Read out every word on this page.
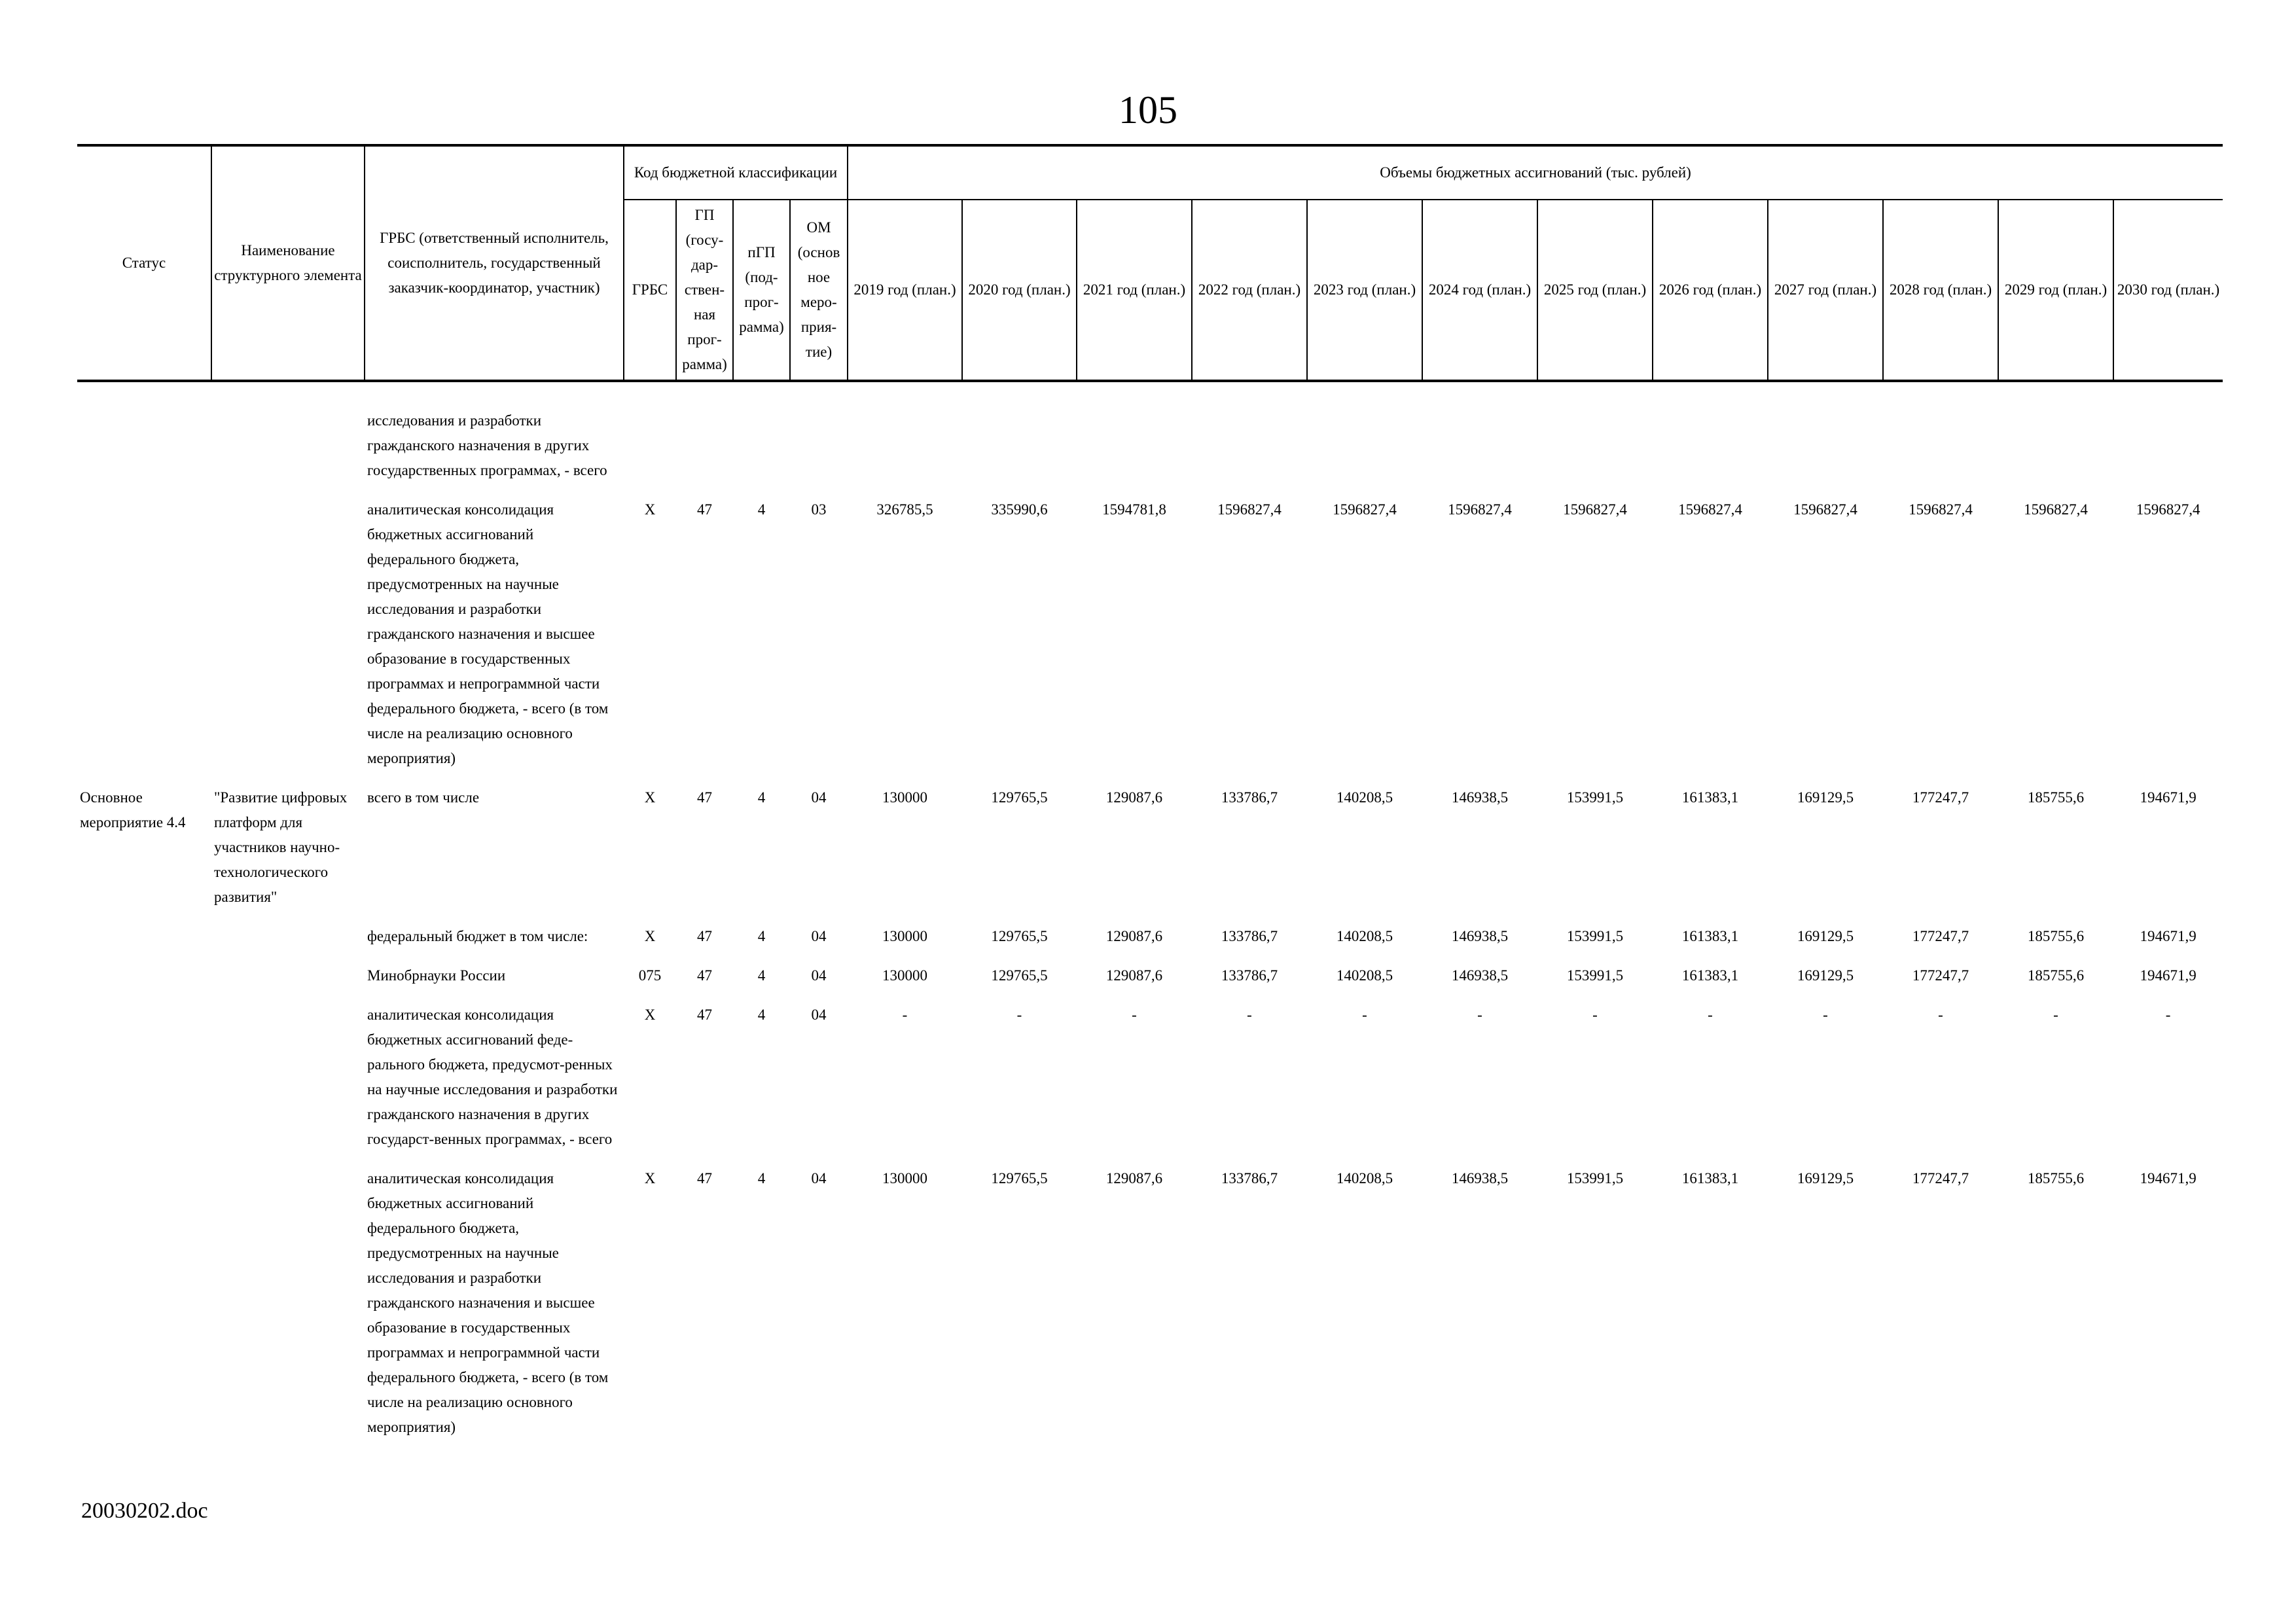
105
Статус	Наименование структурного элемента	ГРБС (ответственный исполнитель, соисполнитель, государственный заказчик-координатор, участник)	Код бюджетной классификации				Объемы бюджетных ассигнований (тыс. рублей)											
			ГРБС	ГП (госу-дар-ствен-ная прог-рамма)	пГП (под-прог-рамма)	ОМ (основ ное меро-прия-тие)	2019 год (план.)	2020 год (план.)	2021 год (план.)	2022 год (план.)	2023 год (план.)	2024 год (план.)	2025 год (план.)	2026 год (план.)	2027 год (план.)	2028 год (план.)	2029 год (план.)	2030 год (план.)

		исследования и разработки гражданского назначения в других государственных программах, - всего																
		аналитическая консолидация бюджетных ассигнований федерального бюджета, предусмотренных на научные исследования и разработки гражданского назначения и высшее образование в государственных программах и непрограммной части федерального бюджета, - всего (в том числе на реализацию основного мероприятия)	X	47	4	03	326785,5	335990,6	1594781,8	1596827,4	1596827,4	1596827,4	1596827,4	1596827,4	1596827,4	1596827,4	1596827,4	1596827,4
Основное мероприятие 4.4	"Развитие цифровых платформ для участников научно-технологического развития"	всего в том числе	X	47	4	04	130000	129765,5	129087,6	133786,7	140208,5	146938,5	153991,5	161383,1	169129,5	177247,7	185755,6	194671,9
		федеральный бюджет в том числе:	X	47	4	04	130000	129765,5	129087,6	133786,7	140208,5	146938,5	153991,5	161383,1	169129,5	177247,7	185755,6	194671,9
		Минобрнауки России	075	47	4	04	130000	129765,5	129087,6	133786,7	140208,5	146938,5	153991,5	161383,1	169129,5	177247,7	185755,6	194671,9
		аналитическая консолидация бюджетных ассигнований феде-рального бюджета, предусмот-ренных на научные исследования и разработки гражданского назначения в других государст-венных программах, - всего	X	47	4	04	-	-	-	-	-	-	-	-	-	-	-	-
		аналитическая консолидация бюджетных ассигнований федерального бюджета, предусмотренных на научные исследования и разработки гражданского назначения и высшее образование в государственных программах и непрограммной части федерального бюджета, - всего (в том числе на реализацию основного мероприятия)	X	47	4	04	130000	129765,5	129087,6	133786,7	140208,5	146938,5	153991,5	161383,1	169129,5	177247,7	185755,6	194671,9
20030202.doc
